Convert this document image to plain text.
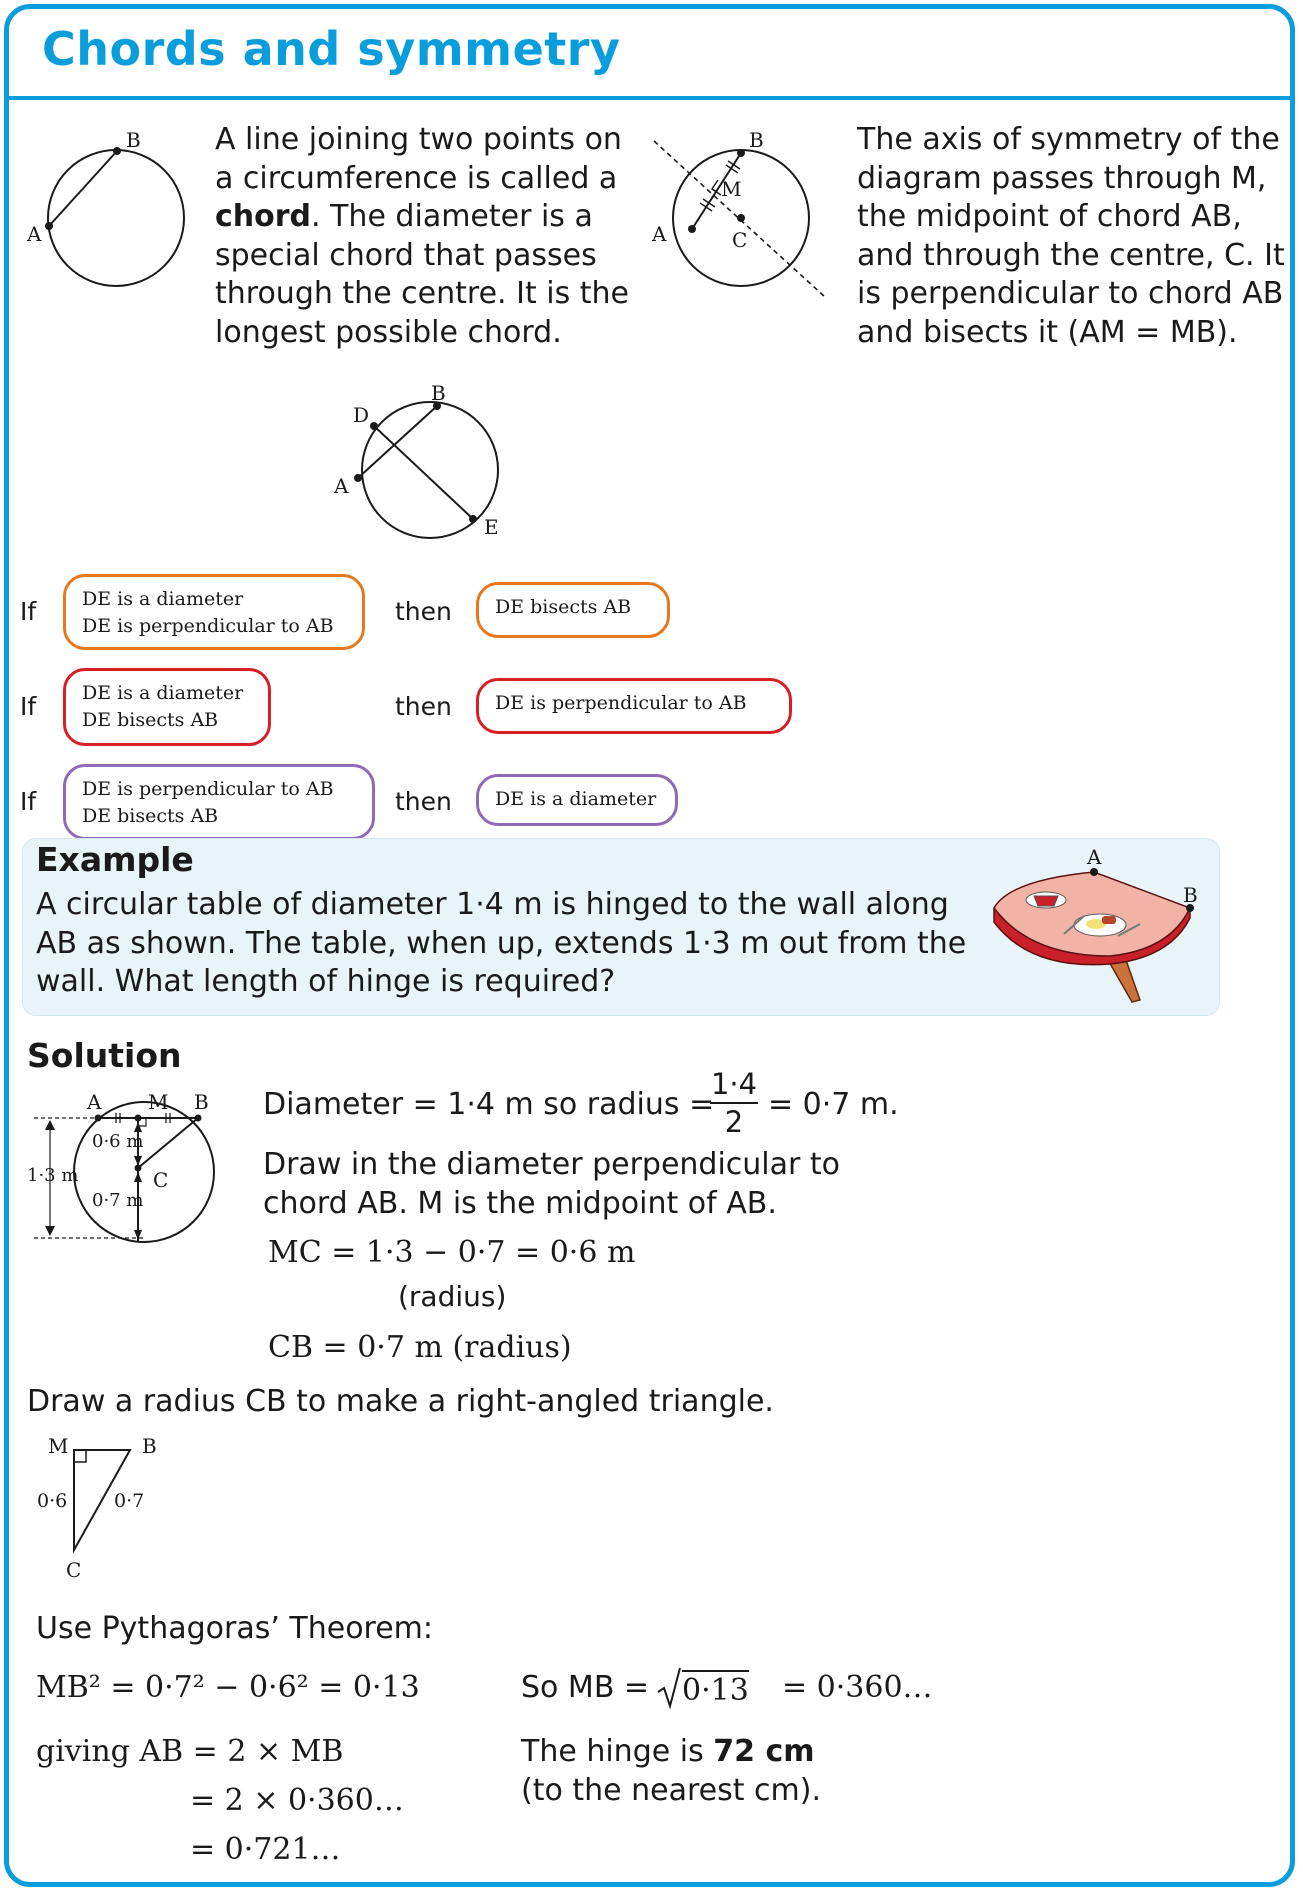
Chords and symmetry
B
A
A line joining two points on
a circumference is called a
chord. The diameter is a
special chord that passes
through the centre. It is the
longest possible chord.
B
M
A	C
The axis of symmetry of the
diagram passes through M,
the midpoint of chord AB,
and through the centre, C. It
is perpendicular to chord AB
and bisects it (AM = MB).
B
D
A
E
If DE is a diameter
DE is perpendicular to AB	then DE bisects AB
If DE is a diameter
DE bisects AB	then DE is perpendicular to AB
If DE is perpendicular to AB
DE bisects AB	then DE is a diameter
Example
A circular table of diameter 1·4 m is hinged to the wall along
AB as shown. The table, when up, extends 1·3 m out from the
wall. What length of hinge is required?
A
B
Solution
A M B
C
1·3 m
0·6 m
0·7 m
Diameter = 1·4 m so radius =
$\frac{1\cdot 4}{2} = 0\cdot 7$ m.
Draw in the diameter perpendicular to
chord AB. M is the midpoint of AB.
MC = 1·3 − 0·7 = 0·6 m
(radius)
CB = 0·7 m (radius)
Draw a radius CB to make a right-angled triangle.
M	B
C
0·6 0·7
Use Pythagoras’ Theorem:
MB² = 0·7² − 0·6² = 0·13	So MB = 0·13 = 0·360…
giving AB = 2 × MB
= 2 × 0·360…
= 0·721…
The hinge is 72 cm
(to the nearest cm).
